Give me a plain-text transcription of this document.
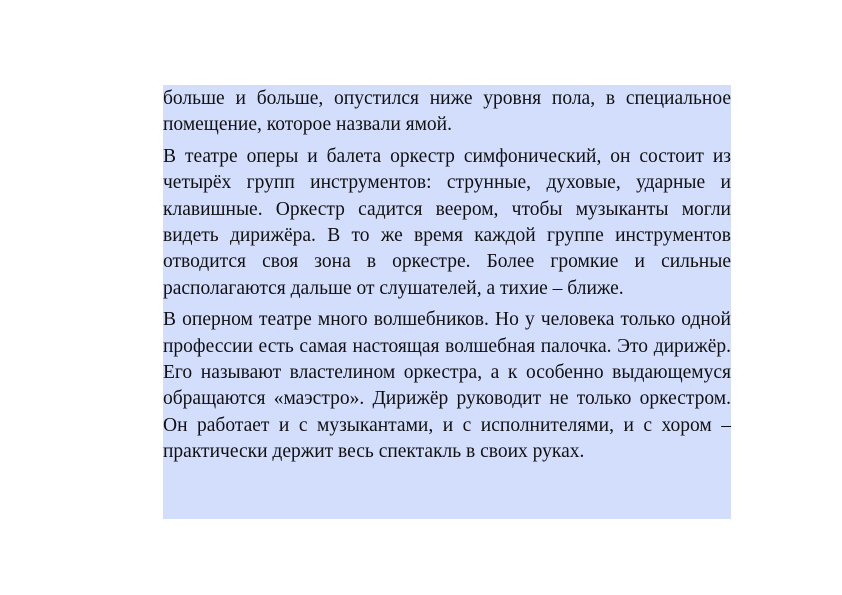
больше и больше, опустился ниже уровня пола, в специальное помещение, которое назвали ямой.

В театре оперы и балета оркестр симфонический, он состоит из четырёх групп инструментов: струнные, духовые, ударные и клавишные. Оркестр садится веером, чтобы музыканты могли видеть дирижёра. В то же время каждой группе инструментов отводится своя зона в оркестре. Более громкие и сильные располагаются дальше от слушателей, а тихие – ближе.

В оперном театре много волшебников. Но у человека только одной профессии есть самая настоящая волшебная палочка. Это дирижёр. Его называют властелином оркестра, а к особенно выдающемуся обращаются «маэстро». Дирижёр руководит не только оркестром. Он работает и с музыкантами, и с исполнителями, и с хором – практически держит весь спектакль в своих руках.
